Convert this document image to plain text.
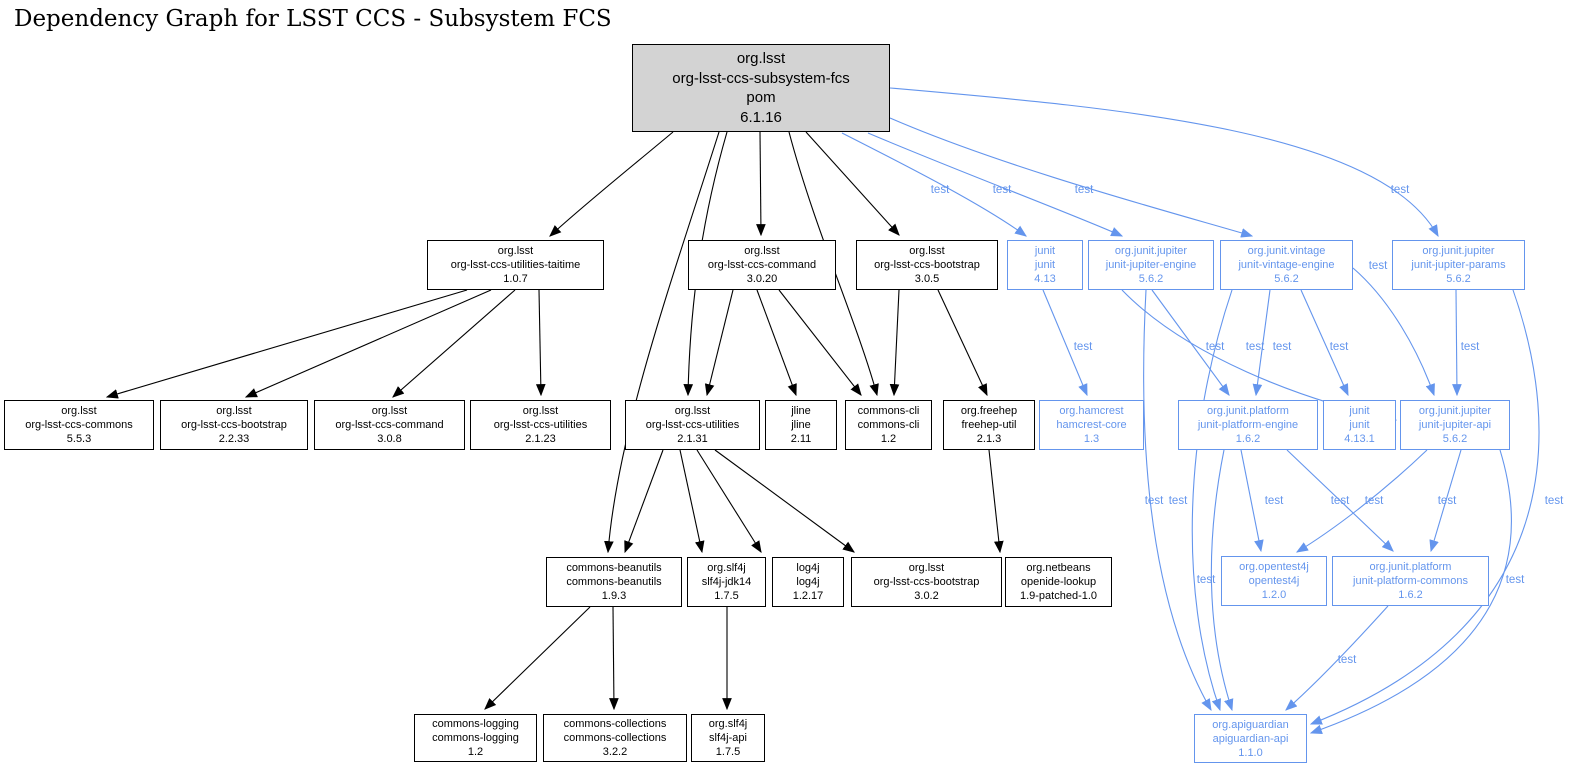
Dependency Graph for LSST CCS - Subsystem FCS
org.lsst
org-lsst-ccs-subsystem-fcs
pom
6.1.16
org.lsst
org-lsst-ccs-utilities-taitime
1.0.7
org.lsst
org-lsst-ccs-command
3.0.20
org.lsst
org-lsst-ccs-bootstrap
3.0.5
junit
junit
4.13
org.junit.jupiter
junit-jupiter-engine
5.6.2
org.junit.vintage
junit-vintage-engine
5.6.2
org.junit.jupiter
junit-jupiter-params
5.6.2
org.lsst
org-lsst-ccs-commons
5.5.3
org.lsst
org-lsst-ccs-bootstrap
2.2.33
org.lsst
org-lsst-ccs-command
3.0.8
org.lsst
org-lsst-ccs-utilities
2.1.23
org.lsst
org-lsst-ccs-utilities
2.1.31
jline
jline
2.11
commons-cli
commons-cli
1.2
org.freehep
freehep-util
2.1.3
org.hamcrest
hamcrest-core
1.3
org.junit.platform
junit-platform-engine
1.6.2
junit
junit
4.13.1
org.junit.jupiter
junit-jupiter-api
5.6.2
commons-beanutils
commons-beanutils
1.9.3
org.slf4j
slf4j-jdk14
1.7.5
log4j
log4j
1.2.17
org.lsst
org-lsst-ccs-bootstrap
3.0.2
org.netbeans
openide-lookup
1.9-patched-1.0
org.opentest4j
opentest4j
1.2.0
org.junit.platform
junit-platform-commons
1.6.2
commons-logging
commons-logging
1.2
commons-collections
commons-collections
3.2.2
org.slf4j
slf4j-api
1.7.5
org.apiguardian
apiguardian-api
1.1.0
test	test	test	test
test
test	test test test	test	test
test test	test	test test	test	test
test	test
test
